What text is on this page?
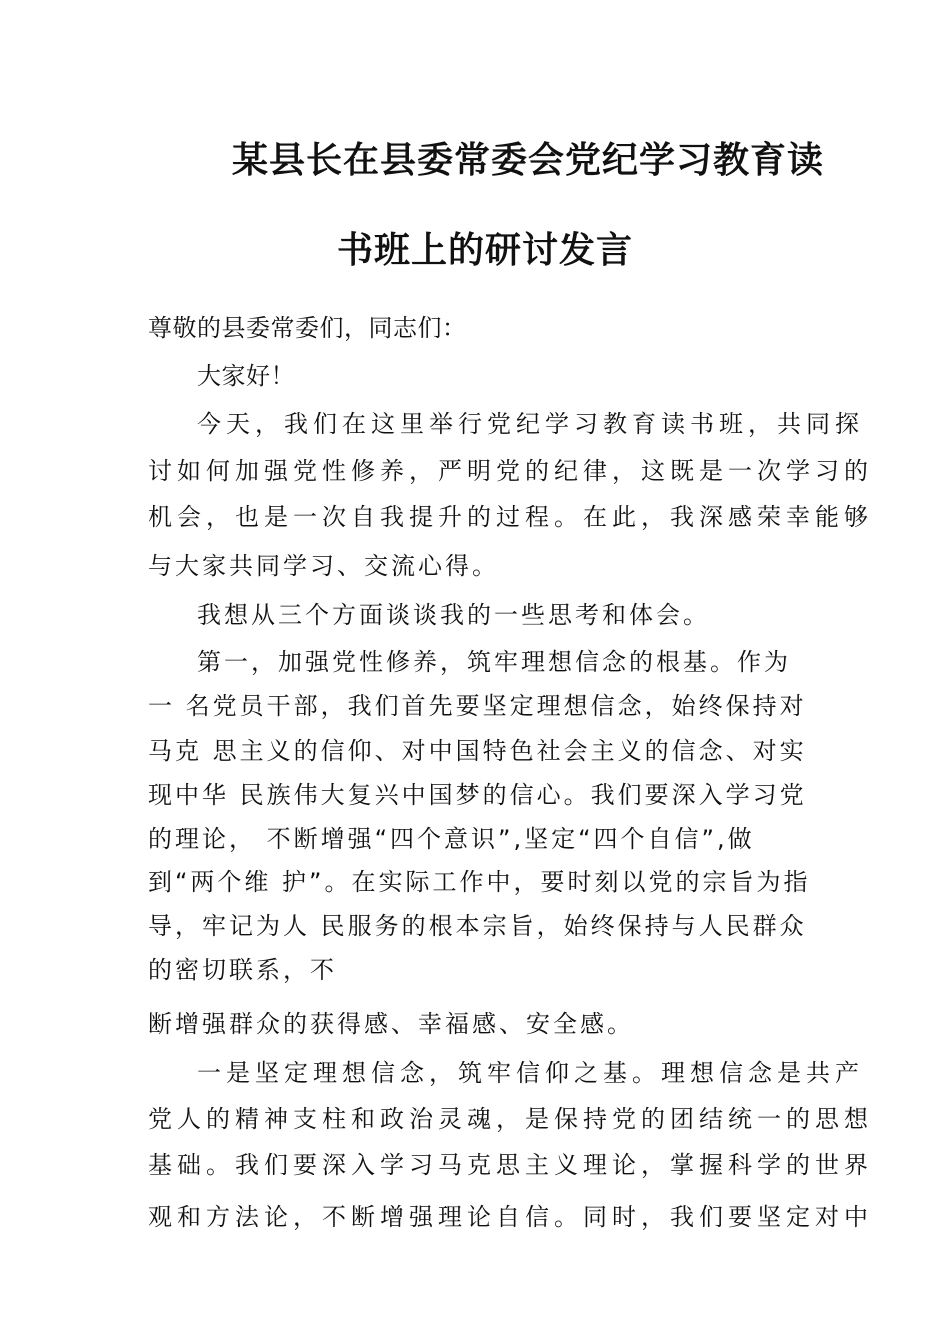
某县长在县委常委会党纪学习教育读
书班上的研讨发言
尊敬的县委常委们，同志们：
大家好！
今天，我们在这里举行党纪学习教育读书班，共同探
讨如何加强党性修养，严明党的纪律，这既是一次学习的
机会，也是一次自我提升的过程。在此，我深感荣幸能够
与大家共同学习、交流心得。
我想从三个方面谈谈我的一些思考和体会。
第一，加强党性修养，筑牢理想信念的根基。作为
一 名党员干部，我们首先要坚定理想信念，始终保持对
马克 思主义的信仰、对中国特色社会主义的信念、对实
现中华 民族伟大复兴中国梦的信心。我们要深入学习党
的理论， 不断增强“四个意识”,坚定“四个自信”,做
到“两个维 护”。在实际工作中，要时刻以党的宗旨为指
导，牢记为人 民服务的根本宗旨，始终保持与人民群众
的密切联系，不
断增强群众的获得感、幸福感、安全感。
一是坚定理想信念，筑牢信仰之基。理想信念是共产
党人的精神支柱和政治灵魂，是保持党的团结统一的思想
基础。我们要深入学习马克思主义理论，掌握科学的世界
观和方法论，不断增强理论自信。同时，我们要坚定对中
